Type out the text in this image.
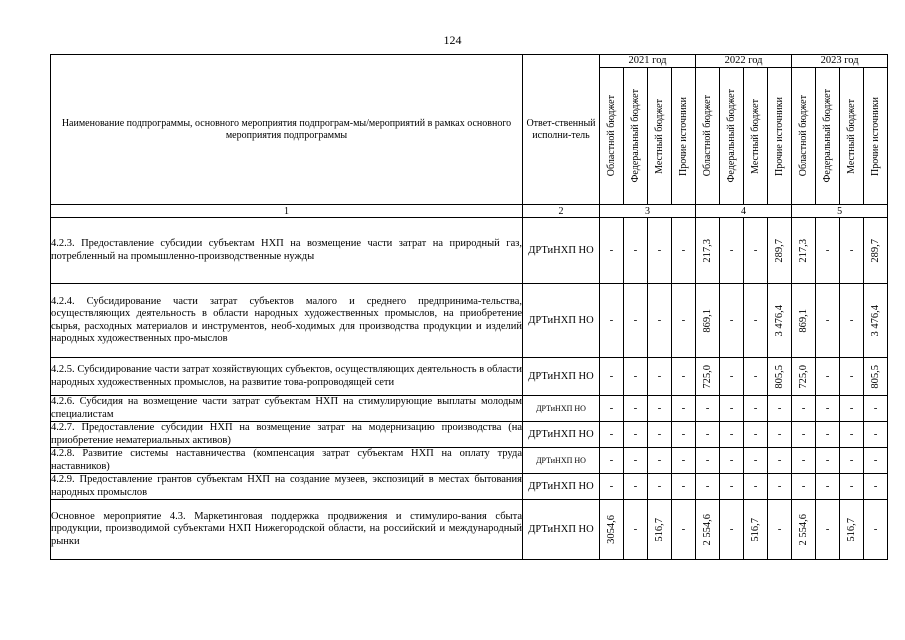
124
Наименование подпрограммы, основного мероприятия подпрограм-мы/мероприятий в рамках основного мероприятия подпрограммы	Ответ-ственный исполни-тель	2021 год				2022 год				2023 год			

		Областной бюджет	Федеральный бюджет	Местный бюджет	Прочие источники	Областной бюджет	Федеральный бюджет	Местный бюджет	Прочие источники	Областной бюджет	Федеральный бюджет	Местный бюджет	Прочие источники

1	2	3				4				5			
4.2.3. Предоставление субсидии субъектам НХП на возмещение части затрат на природный газ, потребленный на промышленно-производственные нужды	ДРТиНХП НО	-	-	-	-	217,3	-	-	289,7	217,3	-	-	289,7

4.2.4. Субсидирование части затрат субъектов малого и среднего предпринима-тельства, осуществляющих деятельность в области народных художественных промыслов, на приобретение сырья, расходных материалов и инструментов, необ-ходимых для производства продукции и изделий народных художественных про-мыслов	ДРТиНХП НО	-	-	-	-	869,1	-	-	3 476,4	869,1	-	-	3 476,4

4.2.5. Субсидирование части затрат хозяйствующих субъектов, осуществляющих деятельность в области народных художественных промыслов, на развитие това-ропроводящей сети	ДРТиНХП НО	-	-	-	-	725,0	-	-	805,5	725,0	-	-	805,5

4.2.6. Субсидия на возмещение части затрат субъектам НХП на стимулирующие выплаты молодым специалистам	ДРТиНХП НО	-	-	-	-	-	-	-	-	-	-	-	-

4.2.7. Предоставление субсидии НХП на возмещение затрат на модернизацию производства (на приобретение нематериальных активов)	ДРТиНХП НО	-	-	-	-	-	-	-	-	-	-	-	-

4.2.8. Развитие системы наставничества (компенсация затрат субъектам НХП на оплату труда наставников)	ДРТиНХП НО	-	-	-	-	-	-	-	-	-	-	-	-

4.2.9. Предоставление грантов субъектам НХП на создание музеев, экспозиций в местах бытования народных промыслов	ДРТиНХП НО	-	-	-	-	-	-	-	-	-	-	-	-

Основное мероприятие 4.3. Маркетинговая поддержка продвижения и стимулиро-вания сбыта продукции, производимой субъектами НХП Нижегородской области, на российский и международный рынки	ДРТиНХП НО	3054,6	-	516,7	-	2 554,6	-	516,7	-	2 554,6	-	516,7	-
